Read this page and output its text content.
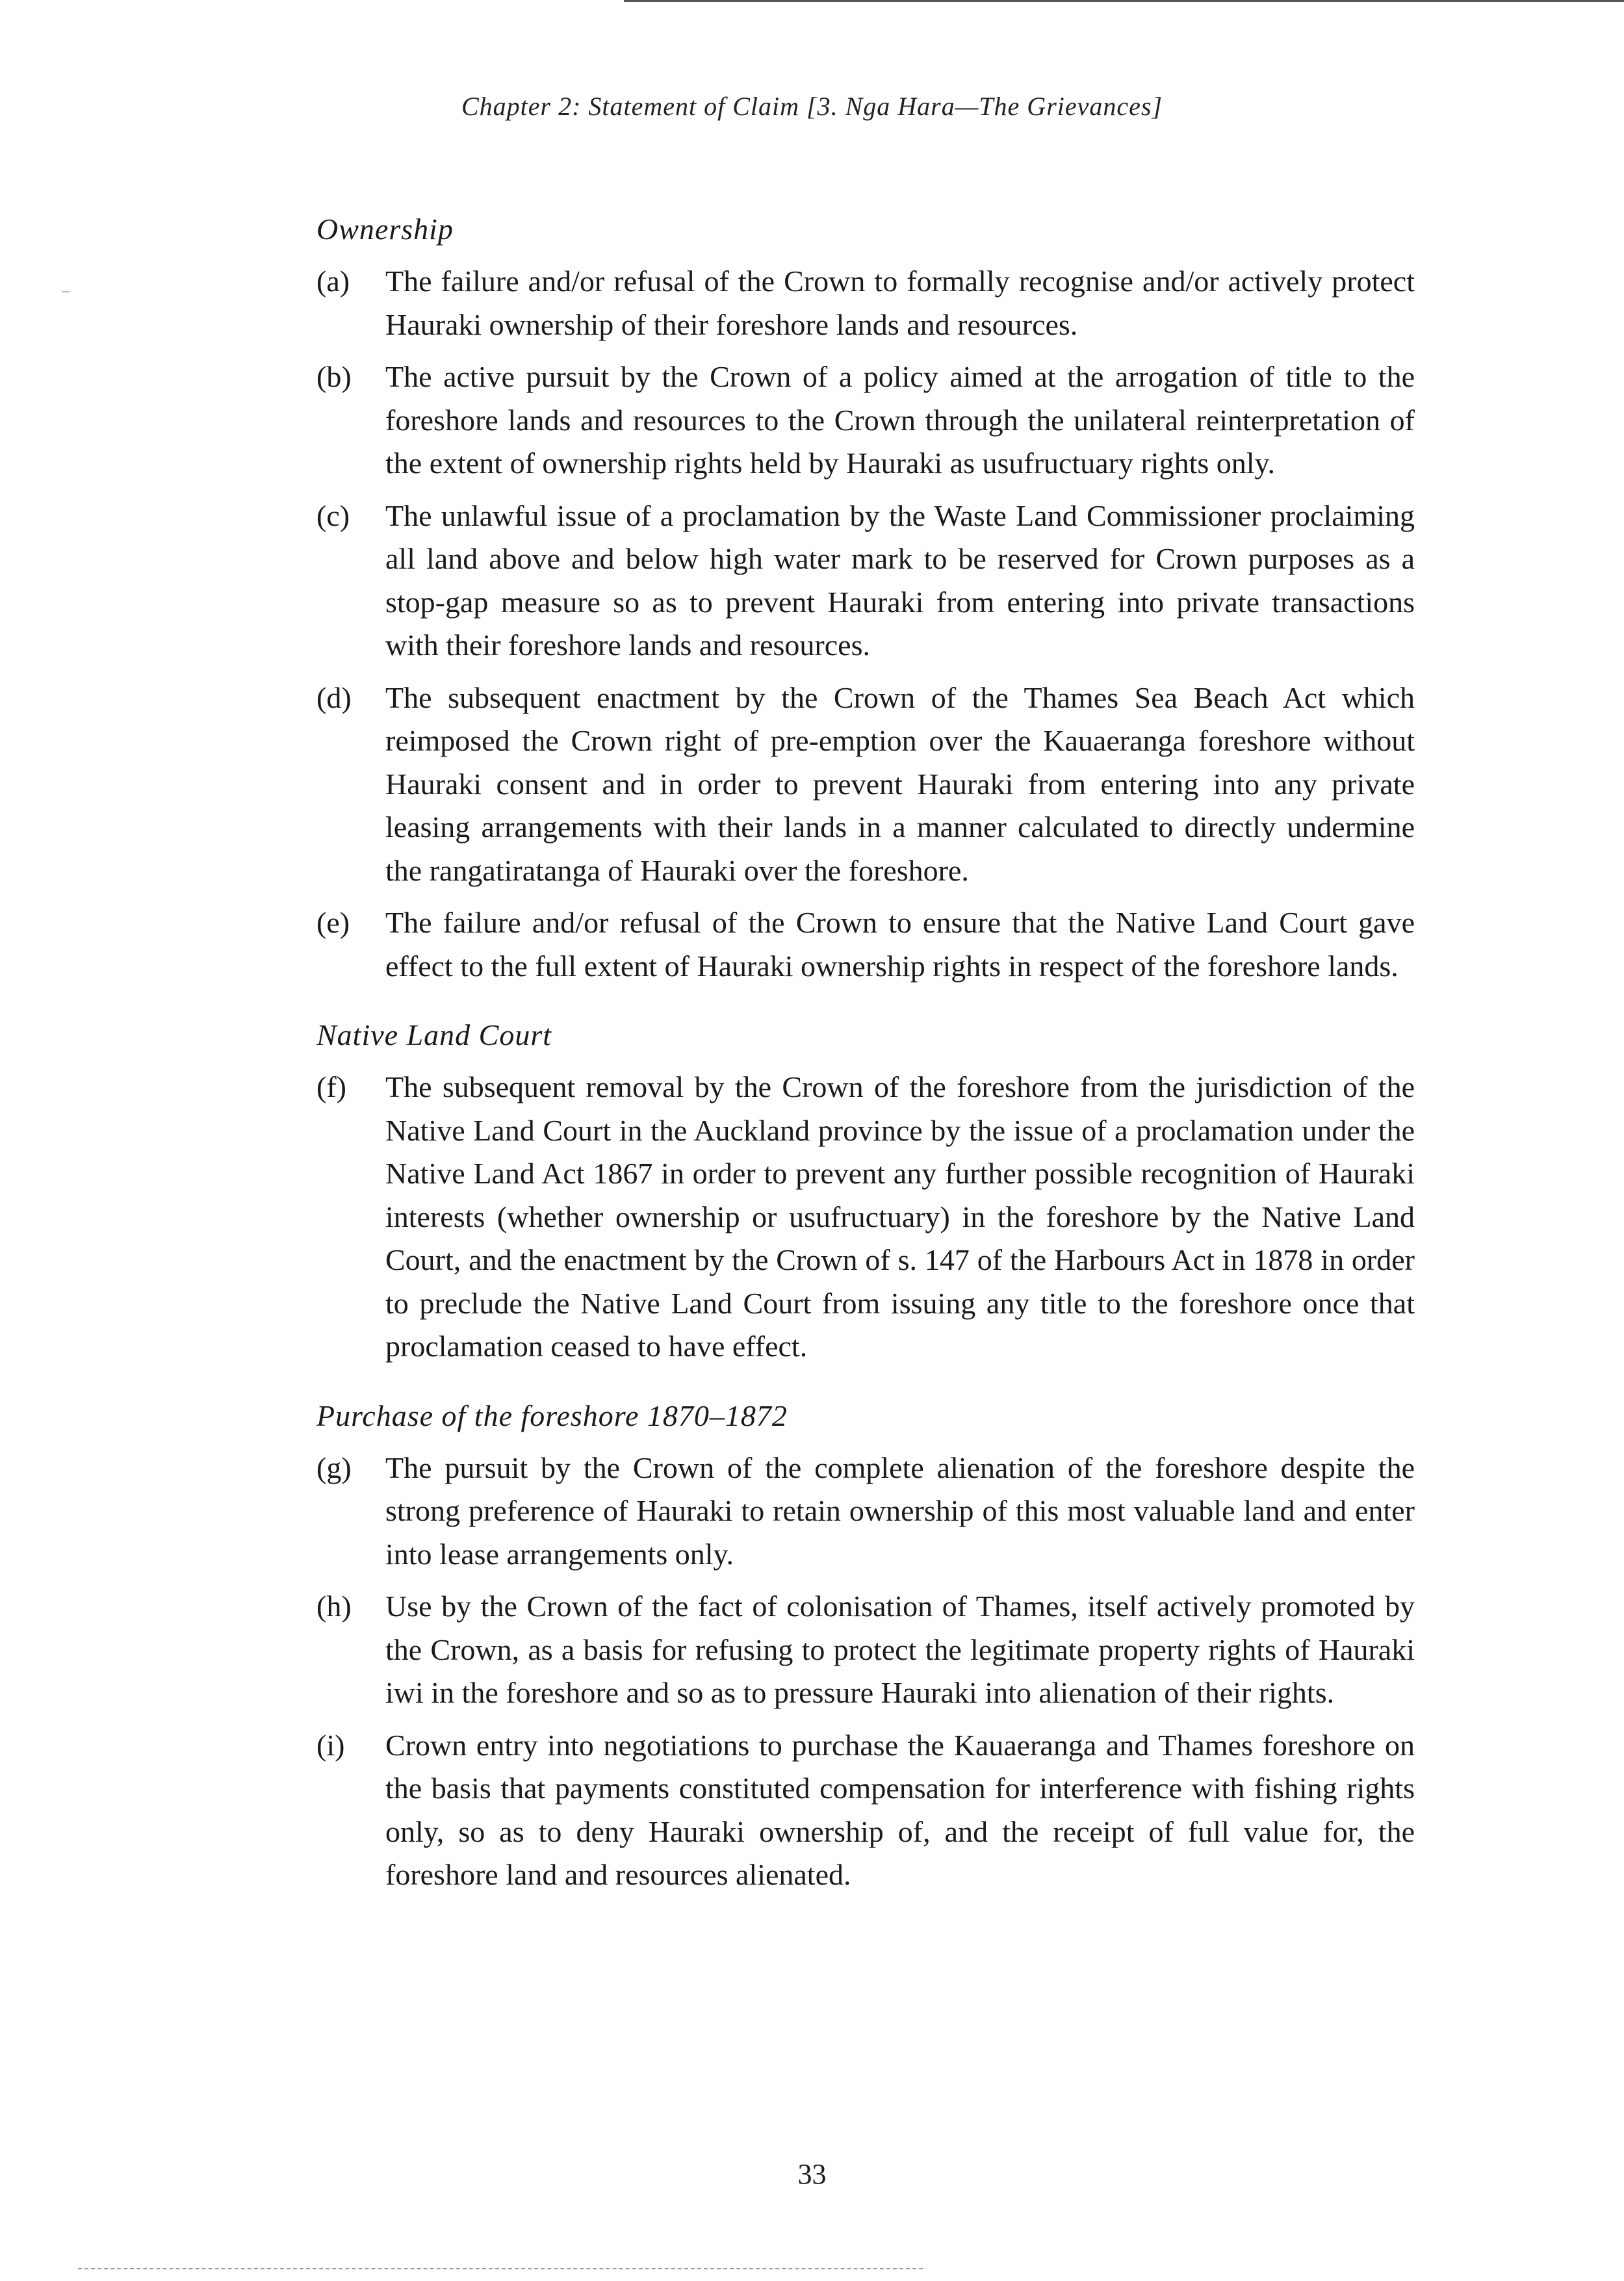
Chapter 2: Statement of Claim [3. Nga Hara—The Grievances]

Ownership

(a) The failure and/or refusal of the Crown to formally recognise and/or actively protect Hauraki ownership of their foreshore lands and resources.

(b) The active pursuit by the Crown of a policy aimed at the arrogation of title to the foreshore lands and resources to the Crown through the unilateral reinterpretation of the extent of ownership rights held by Hauraki as usufructuary rights only.

(c) The unlawful issue of a proclamation by the Waste Land Commissioner proclaiming all land above and below high water mark to be reserved for Crown purposes as a stop-gap measure so as to prevent Hauraki from entering into private transactions with their foreshore lands and resources.

(d) The subsequent enactment by the Crown of the Thames Sea Beach Act which reimposed the Crown right of pre-emption over the Kauaeranga foreshore without Hauraki consent and in order to prevent Hauraki from entering into any private leasing arrangements with their lands in a manner calculated to directly undermine the rangatiratanga of Hauraki over the foreshore.

(e) The failure and/or refusal of the Crown to ensure that the Native Land Court gave effect to the full extent of Hauraki ownership rights in respect of the foreshore lands.

Native Land Court

(f) The subsequent removal by the Crown of the foreshore from the jurisdiction of the Native Land Court in the Auckland province by the issue of a proclamation under the Native Land Act 1867 in order to prevent any further possible recognition of Hauraki interests (whether ownership or usufructuary) in the foreshore by the Native Land Court, and the enactment by the Crown of s. 147 of the Harbours Act in 1878 in order to preclude the Native Land Court from issuing any title to the foreshore once that proclamation ceased to have effect.

Purchase of the foreshore 1870–1872

(g) The pursuit by the Crown of the complete alienation of the foreshore despite the strong preference of Hauraki to retain ownership of this most valuable land and enter into lease arrangements only.

(h) Use by the Crown of the fact of colonisation of Thames, itself actively promoted by the Crown, as a basis for refusing to protect the legitimate property rights of Hauraki iwi in the foreshore and so as to pressure Hauraki into alienation of their rights.

(i) Crown entry into negotiations to purchase the Kauaeranga and Thames foreshore on the basis that payments constituted compensation for interference with fishing rights only, so as to deny Hauraki ownership of, and the receipt of full value for, the foreshore land and resources alienated.

33
